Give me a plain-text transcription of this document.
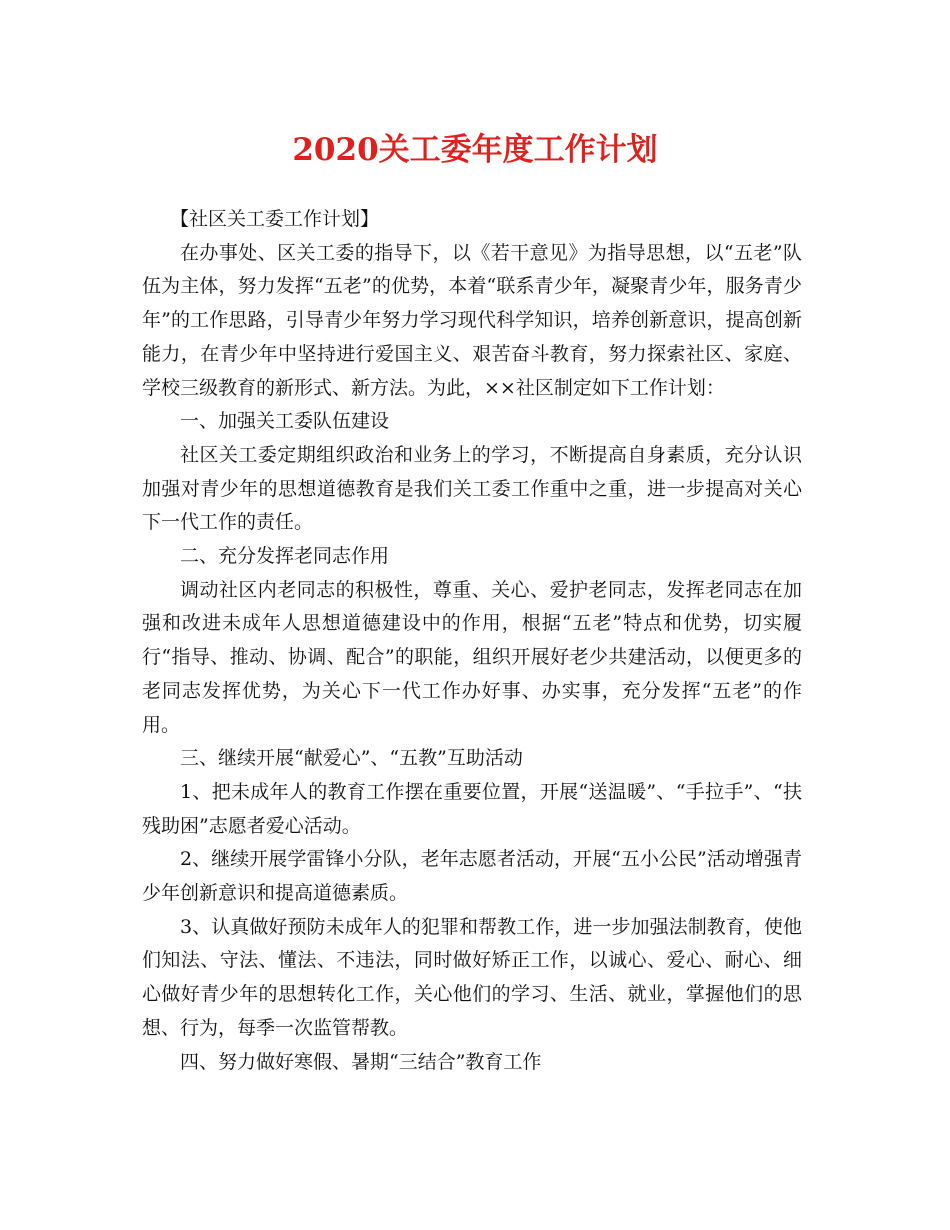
2020关工委年度工作计划

【社区关工委工作计划】

在办事处、区关工委的指导下，以《若干意见》为指导思想，以“五老”队伍为主体，努力发挥“五老”的优势，本着“联系青少年，凝聚青少年，服务青少年”的工作思路，引导青少年努力学习现代科学知识，培养创新意识，提高创新能力，在青少年中坚持进行爱国主义、艰苦奋斗教育，努力探索社区、家庭、学校三级教育的新形式、新方法。为此，××社区制定如下工作计划：

一、加强关工委队伍建设

社区关工委定期组织政治和业务上的学习，不断提高自身素质，充分认识加强对青少年的思想道德教育是我们关工委工作重中之重，进一步提高对关心下一代工作的责任。

二、充分发挥老同志作用

调动社区内老同志的积极性，尊重、关心、爱护老同志，发挥老同志在加强和改进未成年人思想道德建设中的作用，根据“五老”特点和优势，切实履行“指导、推动、协调、配合”的职能，组织开展好老少共建活动，以便更多的老同志发挥优势，为关心下一代工作办好事、办实事，充分发挥“五老”的作用。

三、继续开展“献爱心”、“五教”互助活动

1、把未成年人的教育工作摆在重要位置，开展“送温暖”、“手拉手”、“扶残助困”志愿者爱心活动。

2、继续开展学雷锋小分队，老年志愿者活动，开展“五小公民”活动增强青少年创新意识和提高道德素质。

3、认真做好预防未成年人的犯罪和帮教工作，进一步加强法制教育，使他们知法、守法、懂法、不违法，同时做好矫正工作，以诚心、爱心、耐心、细心做好青少年的思想转化工作，关心他们的学习、生活、就业，掌握他们的思想、行为，每季一次监管帮教。

四、努力做好寒假、暑期“三结合”教育工作
